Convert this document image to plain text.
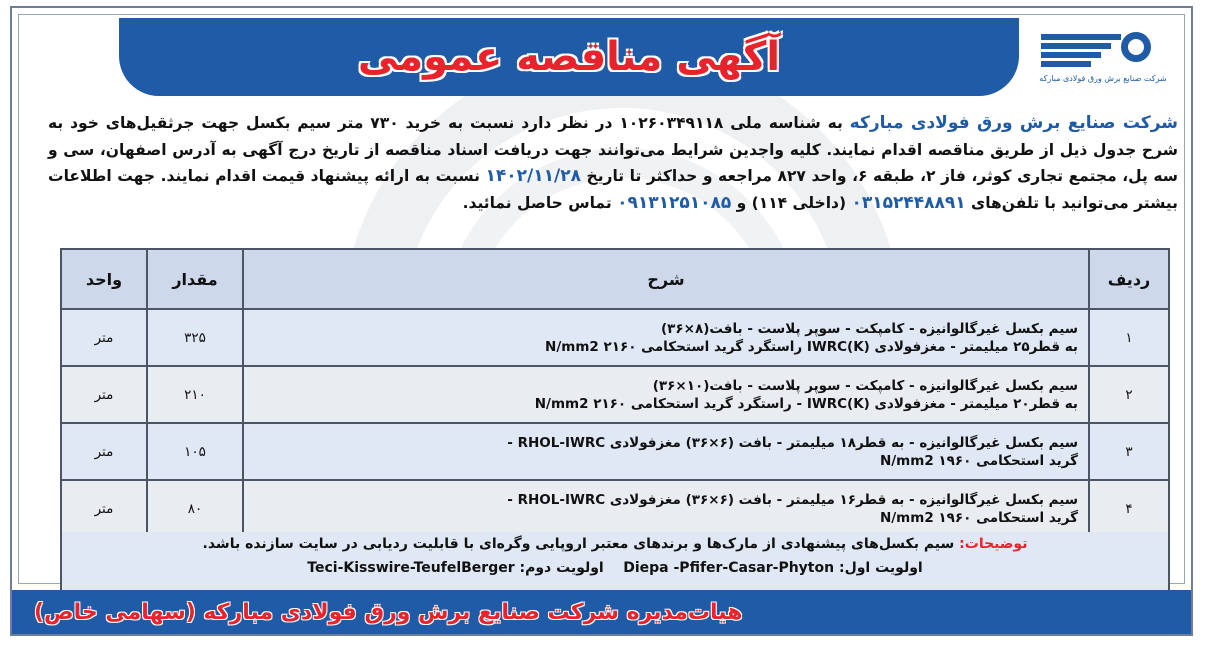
آگهی مناقصه عمومی	شرکت صنایع برش ورق فولادی مبارکه
شرکت صنایع برش ورق فولادی مبارکه به شناسه ملی ۱۰۲۶۰۳۴۹۱۱۸ در نظر دارد نسبت به خرید ۷۳۰ متر سیم بکسل جهت جرثقیل‌های خود به شرح جدول ذیل از طریق مناقصه اقدام نمایند. کلیه واجدین شرایط می‌توانند جهت دریافت اسناد مناقصه از تاریخ درج آگهی به آدرس اصفهان، سی و سه پل، مجتمع تجاری کوثر، فاز ۲، طبقه ۶، واحد ۸۲۷ مراجعه و حداکثر تا تاریخ ۱۴۰۲/۱۱/۲۸ نسبت به ارائه پیشنهاد قیمت اقدام نمایند. جهت اطلاعات بیشتر می‌توانید با تلفن‌های ۰۳۱۵۲۴۴۸۸۹۱ (داخلی ۱۱۴) و ۰۹۱۳۱۲۵۱۰۸۵ تماس حاصل نمائید.
ردیف	شرح	مقدار	واحد
۱	سیم بکسل غیرگالوانیزه - کامپکت - سوپر پلاست - بافت(۸×۳۶)
به قطر۲۵ میلیمتر - مغزفولادی IWRC(K) راستگرد گرید استحکامی ۲۱۶۰ N/mm2	۳۲۵	متر
۲	سیم بکسل غیرگالوانیزه - کامپکت - سوپر پلاست - بافت(۱۰×۳۶)
به قطر۲۰ میلیمتر - مغزفولادی IWRC(K) - راستگرد گرید استحکامی ۲۱۶۰ N/mm2	۲۱۰	متر
۳	سیم بکسل غیرگالوانیزه - به قطر۱۸ میلیمتر - بافت (۶×۳۶) مغزفولادی RHOL-IWRC -
گرید استحکامی ۱۹۶۰ N/mm2	۱۰۵	متر
۴	سیم بکسل غیرگالوانیزه - به قطر۱۶ میلیمتر - بافت (۶×۳۶) مغزفولادی RHOL-IWRC -
گرید استحکامی ۱۹۶۰ N/mm2	۸۰	متر
توضیحات: سیم بکسل‌های پیشنهادی از مارک‌ها و برندهای معتبر اروپایی وگره‌ای با قابلیت ردیابی در سایت سازنده باشد.
اولویت اول: Diepa -Pfifer-Casar-Phyton    اولویت دوم: Teci-Kisswire-TeufelBerger
هیات‌مدیره شرکت صنایع برش ورق فولادی مبارکه (سهامی خاص)
